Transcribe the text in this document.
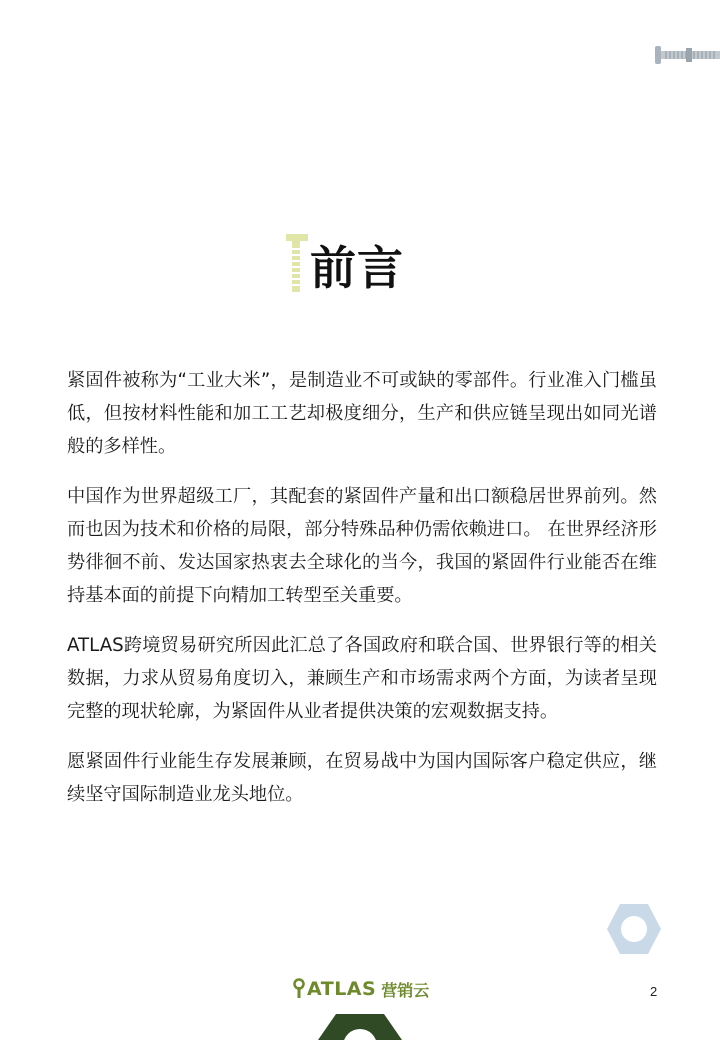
前言

紧固件被称为“工业大米”，是制造业不可或缺的零部件。行业准入门槛虽低，但按材料性能和加工工艺却极度细分，生产和供应链呈现出如同光谱般的多样性。

中国作为世界超级工厂，其配套的紧固件产量和出口额稳居世界前列。然而也因为技术和价格的局限，部分特殊品种仍需依赖进口。 在世界经济形势徘徊不前、发达国家热衷去全球化的当今，我国的紧固件行业能否在维持基本面的前提下向精加工转型至关重要。

ATLAS跨境贸易研究所因此汇总了各国政府和联合国、世界银行等的相关数据，力求从贸易角度切入，兼顾生产和市场需求两个方面，为读者呈现完整的现状轮廓，为紧固件从业者提供决策的宏观数据支持。

愿紧固件行业能生存发展兼顾，在贸易战中为国内国际客户稳定供应，继续坚守国际制造业龙头地位。

ATLAS 营销云	2
